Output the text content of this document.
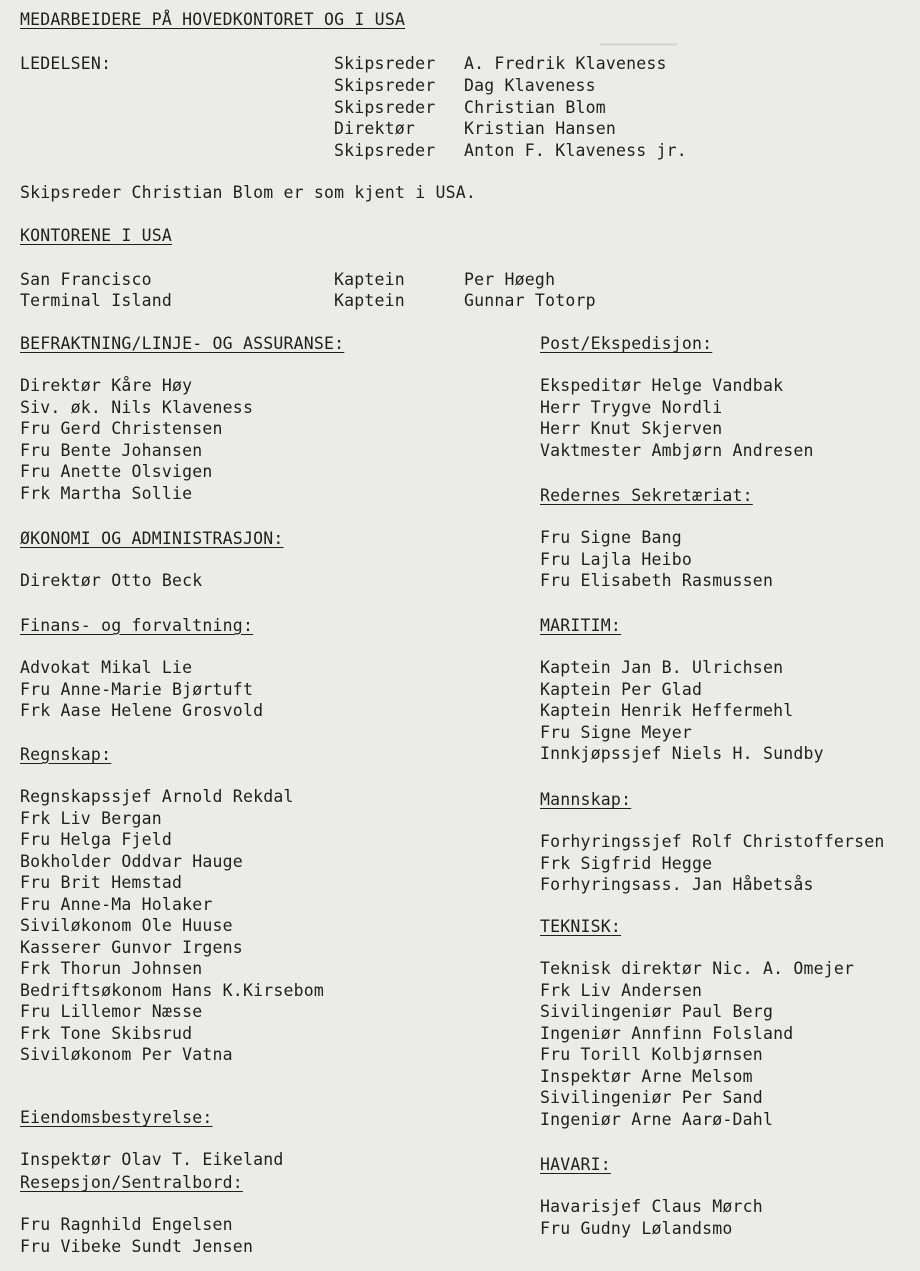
▁▁▁▁▁▁▁▁▁
MEDARBEIDERE PÅ HOVEDKONTORET OG I USA
LEDELSEN:	Skipsreder A. Fredrik Klaveness
Skipsreder Dag Klaveness
Skipsreder Christian Blom
Direktør	Kristian Hansen
Skipsreder Anton F. Klaveness jr.
Skipsreder Christian Blom er som kjent i USA.
KONTORENE I USA
San Francisco	Kaptein	Per Høegh
Terminal Island	Kaptein	Gunnar Totorp
BEFRAKTNING/LINJE- OG ASSURANSE:
Direktør Kåre Høy
Siv. øk. Nils Klaveness
Fru Gerd Christensen
Fru Bente Johansen
Fru Anette Olsvigen
Frk Martha Sollie
ØKONOMI OG ADMINISTRASJON:
Direktør Otto Beck
Finans- og forvaltning:
Advokat Mikal Lie
Fru Anne-Marie Bjørtuft
Frk Aase Helene Grosvold
Regnskap:
Regnskapssjef Arnold Rekdal
Frk Liv Bergan
Fru Helga Fjeld
Bokholder Oddvar Hauge
Fru Brit Hemstad
Fru Anne-Ma Holaker
Siviløkonom Ole Huuse
Kasserer Gunvor Irgens
Frk Thorun Johnsen
Bedriftsøkonom Hans K.Kirsebom
Fru Lillemor Næsse
Frk Tone Skibsrud
Siviløkonom Per Vatna
Eiendomsbestyrelse:
Inspektør Olav T. Eikeland
Resepsjon/Sentralbord:
Fru Ragnhild Engelsen
Fru Vibeke Sundt Jensen
Post/Ekspedisjon:
Ekspeditør Helge Vandbak
Herr Trygve Nordli
Herr Knut Skjerven
Vaktmester Ambjørn Andresen
Redernes Sekretæriat:
Fru Signe Bang
Fru Lajla Heibo
Fru Elisabeth Rasmussen
MARITIM:
Kaptein Jan B. Ulrichsen
Kaptein Per Glad
Kaptein Henrik Heffermehl
Fru Signe Meyer
Innkjøpssjef Niels H. Sundby
Mannskap:
Forhyringssjef Rolf Christoffersen
Frk Sigfrid Hegge
Forhyringsass. Jan Håbetsås
TEKNISK:
Teknisk direktør Nic. A. Omejer
Frk Liv Andersen
Sivilingeniør Paul Berg
Ingeniør Annfinn Folsland
Fru Torill Kolbjørnsen
Inspektør Arne Melsom
Sivilingeniør Per Sand
Ingeniør Arne Aarø-Dahl
HAVARI:
Havarisjef Claus Mørch
Fru Gudny Lølandsmo
